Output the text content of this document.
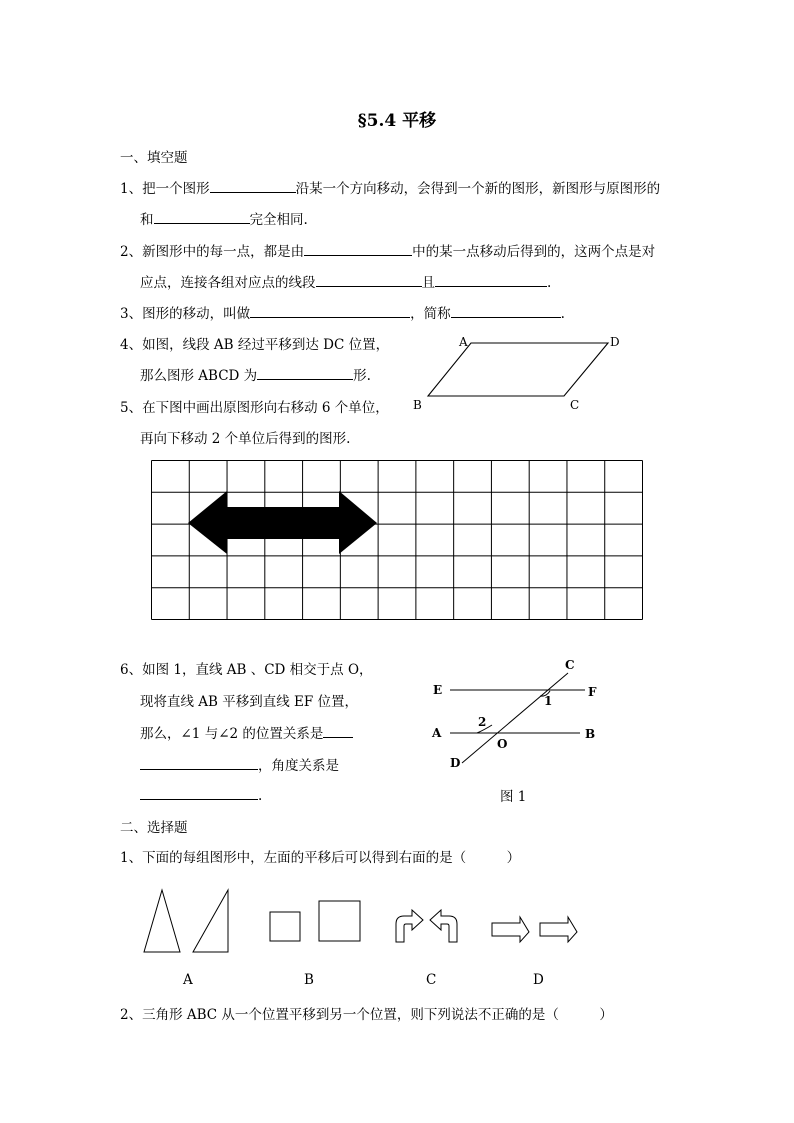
§5.4 平移
一、填空题
1、把一个图形	沿某一个方向移动，会得到一个新的图形，新图形与原图形的
和	完全相同.
2、新图形中的每一点，都是由	中的某一点移动后得到的，这两个点是对
应点，连接各组对应点的线段	且	.
3、图形的移动，叫做	，简称	.
4、如图，线段 AB 经过平移到达 DC 位置，
那么图形 ABCD 为	形.
A	D
B	C
5、在下图中画出原图形向右移动 6 个单位，
再向下移动 2 个单位后得到的图形.
6、如图 1，直线 AB 、CD 相交于点 O，
现将直线 AB 平移到直线 EF 位置，
那么，∠1 与∠2 的位置关系是
，角度关系是
.
C
E	F
1
2
A
O
B
D
图 1
二、选择题
1、下面的每组图形中，左面的平移后可以得到右面的是（　　　）
A	B	C	D
2、三角形 ABC 从一个位置平移到另一个位置，则下列说法不正确的是（　　　）
